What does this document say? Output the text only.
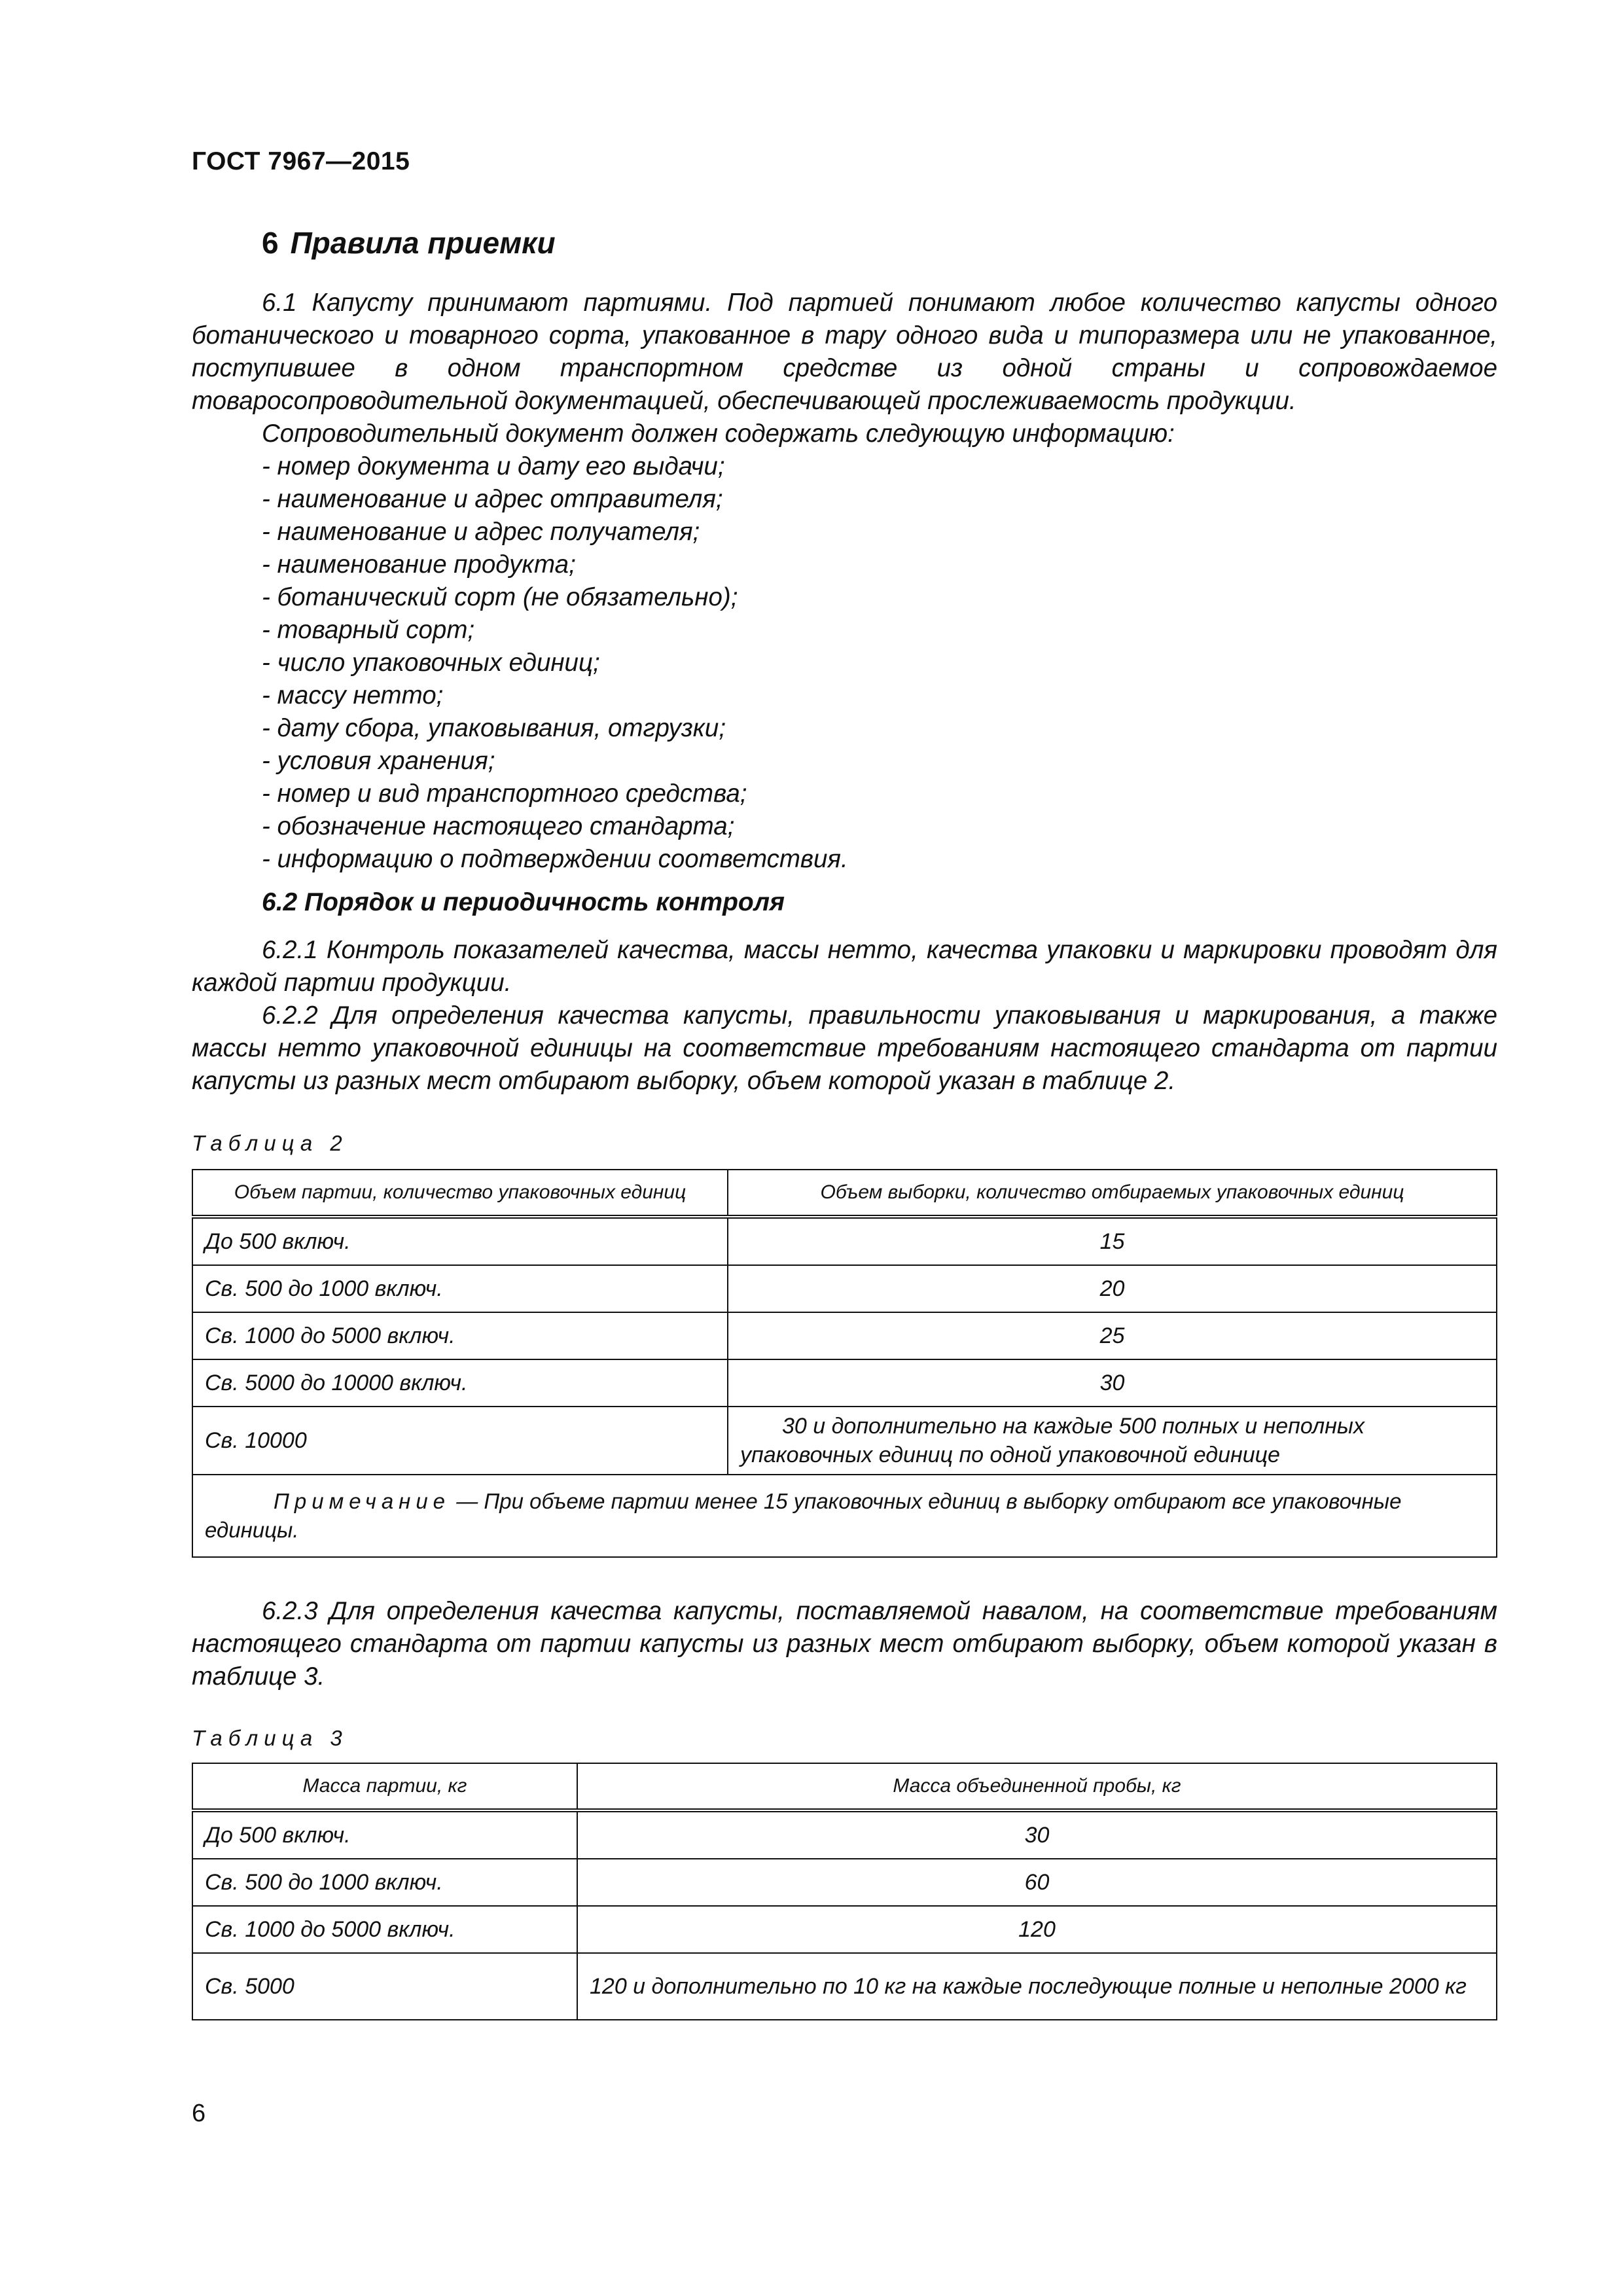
ГОСТ 7967—2015
6 Правила приемки

6.1 Капусту принимают партиями. Под партией понимают любое количество капусты одного ботанического и товарного сорта, упакованное в тару одного вида и типоразмера или не упакованное, поступившее в одном транспортном средстве из одной страны и сопровождаемое товаросопроводительной документацией, обеспечивающей прослеживаемость продукции.

Сопроводительный документ должен содержать следующую информацию:
- номер документа и дату его выдачи;
- наименование и адрес отправителя;
- наименование и адрес получателя;
- наименование продукта;
- ботанический сорт (не обязательно);
- товарный сорт;
- число упаковочных единиц;
- массу нетто;
- дату сбора, упаковывания, отгрузки;
- условия хранения;
- номер и вид транспортного средства;
- обозначение настоящего стандарта;
- информацию о подтверждении соответствия.
6.2 Порядок и периодичность контроля

6.2.1 Контроль показателей качества, массы нетто, качества упаковки и маркировки проводят для каждой партии продукции.

6.2.2 Для определения качества капусты, правильности упаковывания и маркирования, а также массы нетто упаковочной единицы на соответствие требованиям настоящего стандарта от партии капусты из разных мест отбирают выборку, объем которой указан в таблице 2.

Таблица 2
Объем партии, количество упаковочных единиц	Объем выборки, количество отбираемых упаковочных единиц
До 500 включ.	15
Св. 500 до 1000 включ.	20
Св. 1000 до 5000 включ.	25
Св. 5000 до 10000 включ.	30
Св. 10000	30 и дополнительно на каждые 500 полных и неполных упаковочных единиц по одной упаковочной единице
Примечание — При объеме партии менее 15 упаковочных единиц в выборку отбирают все упаковочные единицы.	

6.2.3 Для определения качества капусты, поставляемой навалом, на соответствие требованиям настоящего стандарта от партии капусты из разных мест отбирают выборку, объем которой указан в таблице 3.

Таблица 3
Масса партии, кг	Масса объединенной пробы, кг
До 500 включ.	30
Св. 500 до 1000 включ.	60
Св. 1000 до 5000 включ.	120
Св. 5000	120 и дополнительно по 10 кг на каждые последующие полные и неполные 2000 кг
6
